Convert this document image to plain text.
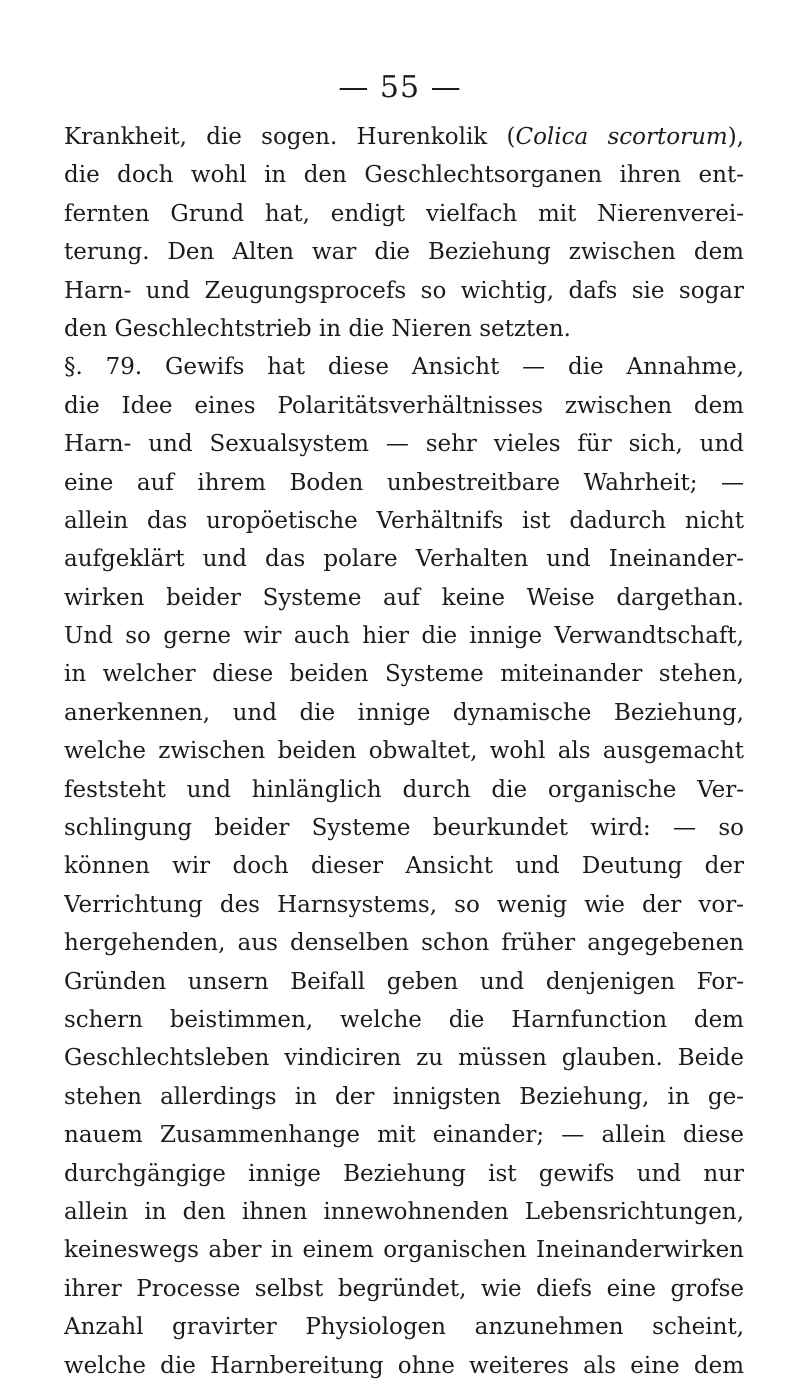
— 55 —
Krankheit, die sogen. Hurenkolik (Colica scortorum),
die doch wohl in den Geschlechtsorganen ihren ent-
fernten Grund hat, endigt vielfach mit Nierenverei-
terung. Den Alten war die Beziehung zwischen dem
Harn- und Zeugungsprocefs so wichtig, dafs sie sogar
den Geschlechtstrieb in die Nieren setzten.
§. 79. Gewifs hat diese Ansicht — die Annahme,
die Idee eines Polaritätsverhältnisses zwischen dem
Harn- und Sexualsystem — sehr vieles für sich, und
eine auf ihrem Boden unbestreitbare Wahrheit; —
allein das uropöetische Verhältnifs ist dadurch nicht
aufgeklärt und das polare Verhalten und Ineinander-
wirken beider Systeme auf keine Weise dargethan.
Und so gerne wir auch hier die innige Verwandtschaft,
in welcher diese beiden Systeme miteinander stehen,
anerkennen, und die innige dynamische Beziehung,
welche zwischen beiden obwaltet, wohl als ausgemacht
feststeht und hinlänglich durch die organische Ver-
schlingung beider Systeme beurkundet wird: — so
können wir doch dieser Ansicht und Deutung der
Verrichtung des Harnsystems, so wenig wie der vor-
hergehenden, aus denselben schon früher angegebenen
Gründen unsern Beifall geben und denjenigen For-
schern beistimmen, welche die Harnfunction dem
Geschlechtsleben vindiciren zu müssen glauben. Beide
stehen allerdings in der innigsten Beziehung, in ge-
nauem Zusammenhange mit einander; — allein diese
durchgängige innige Beziehung ist gewifs und nur
allein in den ihnen innewohnenden Lebensrichtungen,
keineswegs aber in einem organischen Ineinanderwirken
ihrer Processe selbst begründet, wie diefs eine grofse
Anzahl gravirter Physiologen anzunehmen scheint,
welche die Harnbereitung ohne weiteres als eine dem
